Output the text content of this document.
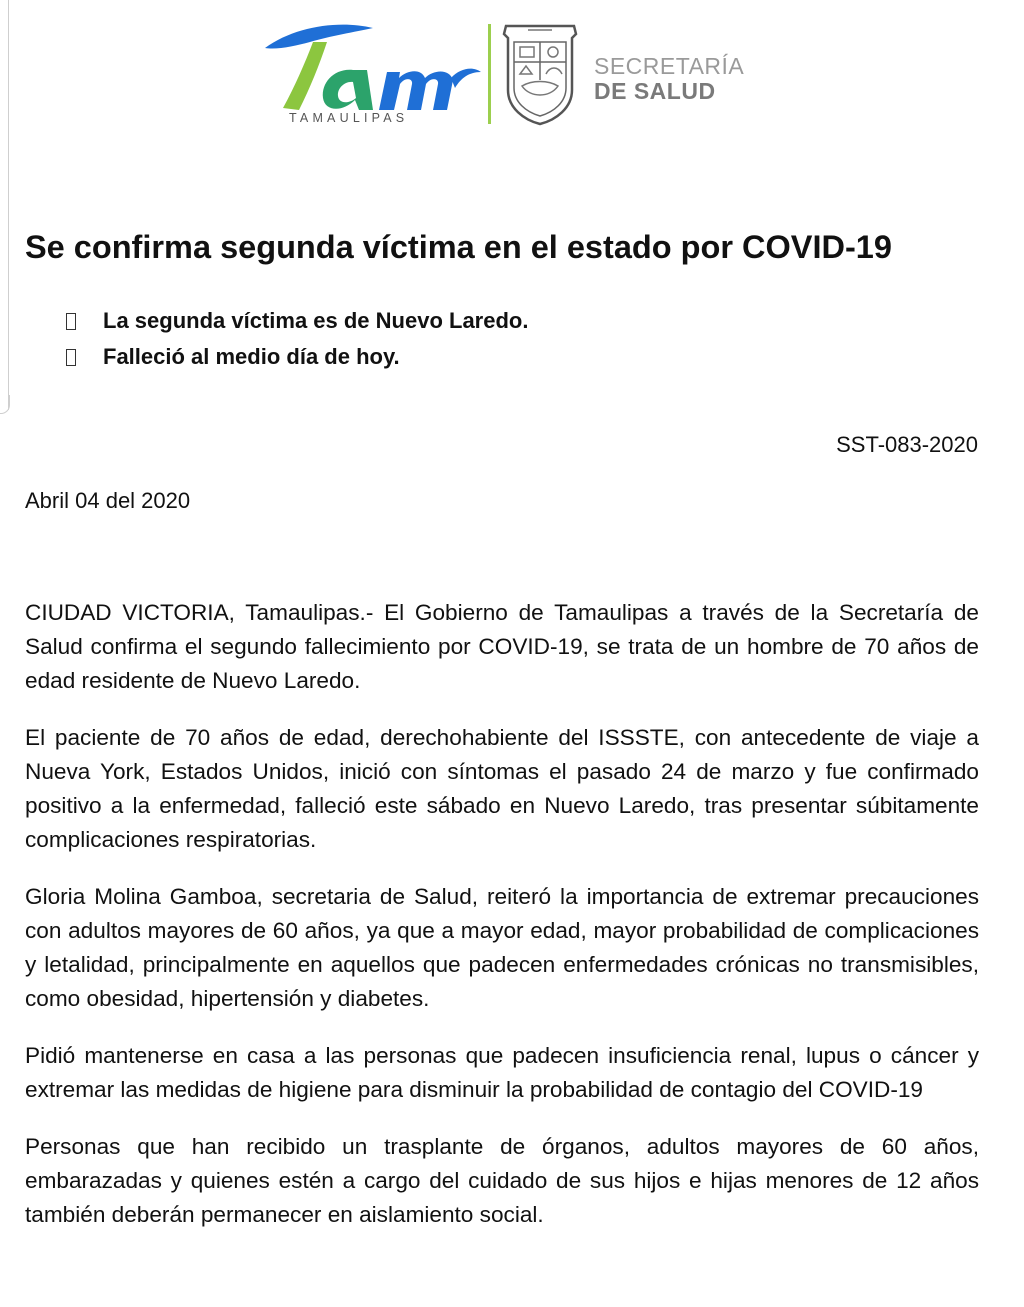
TAMAULIPAS
SECRETARÍA
DE SALUD
Se confirma segunda víctima en el estado por COVID-19
La segunda víctima es de Nuevo Laredo.
Falleció al medio día de hoy.
SST-083-2020
Abril 04 del 2020

CIUDAD VICTORIA, Tamaulipas.- El Gobierno de Tamaulipas a través de la Secretaría de Salud confirma el segundo fallecimiento por COVID-19, se trata de un hombre de 70 años de edad residente de Nuevo Laredo.

El paciente de 70 años de edad, derechohabiente del ISSSTE, con antecedente de viaje a Nueva York, Estados Unidos, inició con síntomas el pasado 24 de marzo y fue confirmado positivo a la enfermedad, falleció este sábado en Nuevo Laredo, tras presentar súbitamente complicaciones respiratorias.

Gloria Molina Gamboa, secretaria de Salud, reiteró la importancia de extremar precauciones con adultos mayores de 60 años, ya que a mayor edad, mayor probabilidad de complicaciones y letalidad, principalmente en aquellos que padecen enfermedades crónicas no transmisibles, como obesidad, hipertensión y diabetes.

Pidió mantenerse en casa a las personas que padecen insuficiencia renal, lupus o cáncer y extremar las medidas de higiene para disminuir la probabilidad de contagio del COVID-19

Personas que han recibido un trasplante de órganos, adultos mayores de 60 años, embarazadas y quienes estén a cargo del cuidado de sus hijos e hijas menores de 12 años también deberán permanecer en aislamiento social.
